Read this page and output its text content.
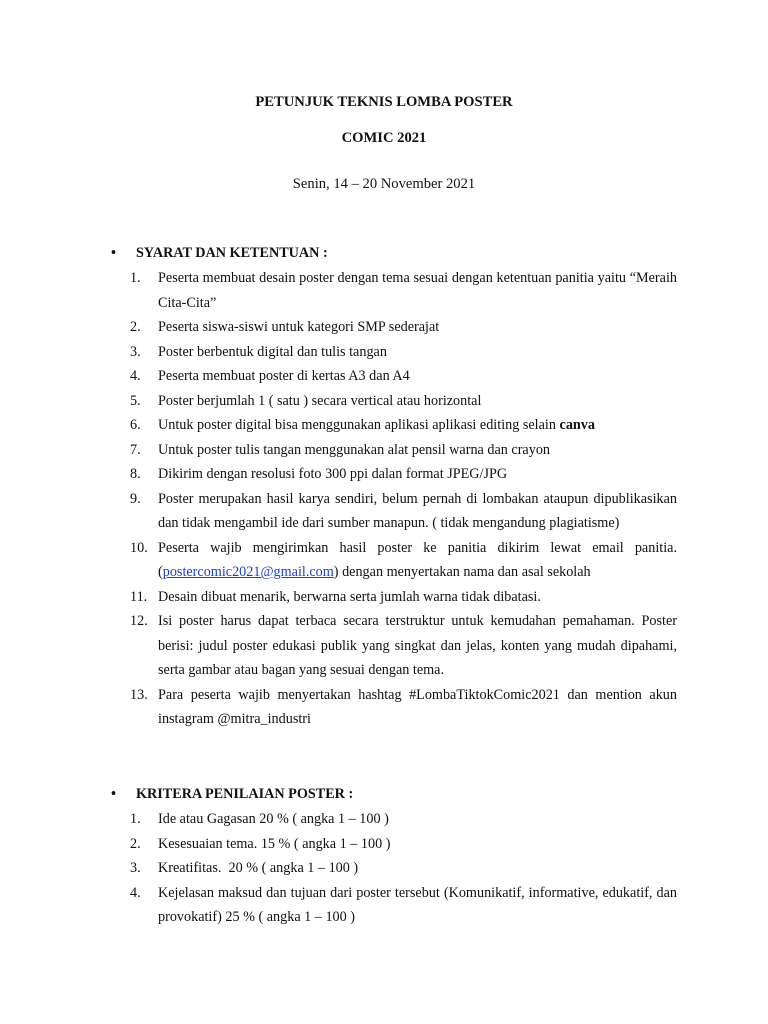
PETUNJUK TEKNIS LOMBA POSTER
COMIC 2021
Senin, 14 – 20 November 2021
• SYARAT DAN KETENTUAN :
1. Peserta membuat desain poster dengan tema sesuai dengan ketentuan panitia yaitu “Meraih Cita-Cita”
2. Peserta siswa-siswi untuk kategori SMP sederajat
3. Poster berbentuk digital dan tulis tangan
4. Peserta membuat poster di kertas A3 dan A4
5. Poster berjumlah 1 ( satu ) secara vertical atau horizontal
6. Untuk poster digital bisa menggunakan aplikasi aplikasi editing selain canva
7. Untuk poster tulis tangan menggunakan alat pensil warna dan crayon
8. Dikirim dengan resolusi foto 300 ppi dalan format JPEG/JPG
9. Poster merupakan hasil karya sendiri, belum pernah di lombakan ataupun dipublikasikan dan tidak mengambil ide dari sumber manapun. ( tidak mengandung plagiatisme)
10. Peserta wajib mengirimkan hasil poster ke panitia dikirim lewat email panitia. (postercomic2021@gmail.com) dengan menyertakan nama dan asal sekolah
11. Desain dibuat menarik, berwarna serta jumlah warna tidak dibatasi.
12. Isi poster harus dapat terbaca secara terstruktur untuk kemudahan pemahaman. Poster berisi: judul poster edukasi publik yang singkat dan jelas, konten yang mudah dipahami, serta gambar atau bagan yang sesuai dengan tema.
13. Para peserta wajib menyertakan hashtag #LombaTiktokComic2021 dan mention akun instagram @mitra_industri
• KRITERA PENILAIAN POSTER :
1. Ide atau Gagasan 20 % ( angka 1 – 100 )
2. Kesesuaian tema. 15 % ( angka 1 – 100 )
3. Kreatifitas.  20 % ( angka 1 – 100 )
4. Kejelasan maksud dan tujuan dari poster tersebut (Komunikatif, informative, edukatif, dan provokatif) 25 % ( angka 1 – 100 )
